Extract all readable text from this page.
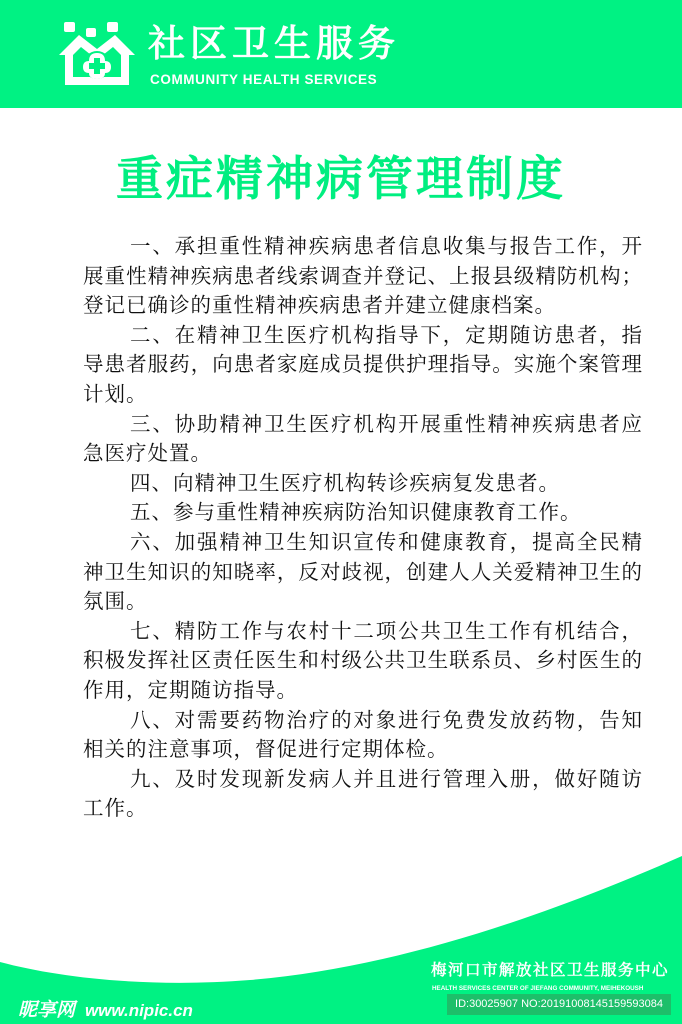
社区卫生服务
COMMUNITY HEALTH SERVICES
重症精神病管理制度

一、承担重性精神疾病患者信息收集与报告工作，开展重性精神疾病患者线索调查并登记、上报县级精防机构；登记已确诊的重性精神疾病患者并建立健康档案。

二、在精神卫生医疗机构指导下，定期随访患者，指导患者服药，向患者家庭成员提供护理指导。实施个案管理计划。

三、协助精神卫生医疗机构开展重性精神疾病患者应急医疗处置。

四、向精神卫生医疗机构转诊疾病复发患者。

五、参与重性精神疾病防治知识健康教育工作。

六、加强精神卫生知识宣传和健康教育，提高全民精神卫生知识的知晓率，反对歧视，创建人人关爱精神卫生的氛围。

七、精防工作与农村十二项公共卫生工作有机结合，积极发挥社区责任医生和村级公共卫生联系员、乡村医生的作用，定期随访指导。

八、对需要药物治疗的对象进行免费发放药物，告知相关的注意事项，督促进行定期体检。

九、及时发现新发病人并且进行管理入册，做好随访工作。

梅河口市解放社区卫生服务中心
HEALTH SERVICES CENTER OF JIEFANG COMMUNITY, MEIHEKOUSH
ID:30025907 NO:20191008145159593084
昵享网 www.nipic.cn
